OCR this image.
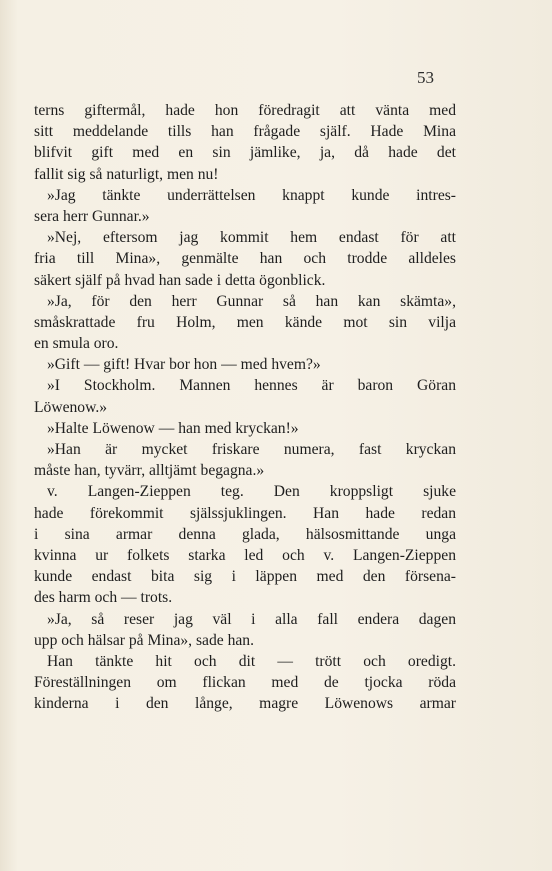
53
terns giftermål, hade hon föredragit att vänta med
sitt meddelande tills han frågade själf. Hade Mina
blifvit gift med en sin jämlike, ja, då hade det
fallit sig så naturligt, men nu!
»Jag tänkte underrättelsen knappt kunde intres-
sera herr Gunnar.»
»Nej, eftersom jag kommit hem endast för att
fria till Mina», genmälte han och trodde alldeles
säkert själf på hvad han sade i detta ögonblick.
»Ja, för den herr Gunnar så han kan skämta»,
småskrattade fru Holm, men kände mot sin vilja
en smula oro.
»Gift — gift! Hvar bor hon — med hvem?»
»I Stockholm. Mannen hennes är baron Göran
Löwenow.»
»Halte Löwenow — han med kryckan!»
»Han är mycket friskare numera, fast kryckan
måste han, tyvärr, alltjämt begagna.»
v. Langen-Zieppen teg. Den kroppsligt sjuke
hade förekommit själssjuklingen. Han hade redan
i sina armar denna glada, hälsosmittande unga
kvinna ur folkets starka led och v. Langen-Zieppen
kunde endast bita sig i läppen med den försena-
des harm och — trots.
»Ja, så reser jag väl i alla fall endera dagen
upp och hälsar på Mina», sade han.
Han tänkte hit och dit — trött och oredigt.
Föreställningen om flickan med de tjocka röda
kinderna i den långe, magre Löwenows armar
